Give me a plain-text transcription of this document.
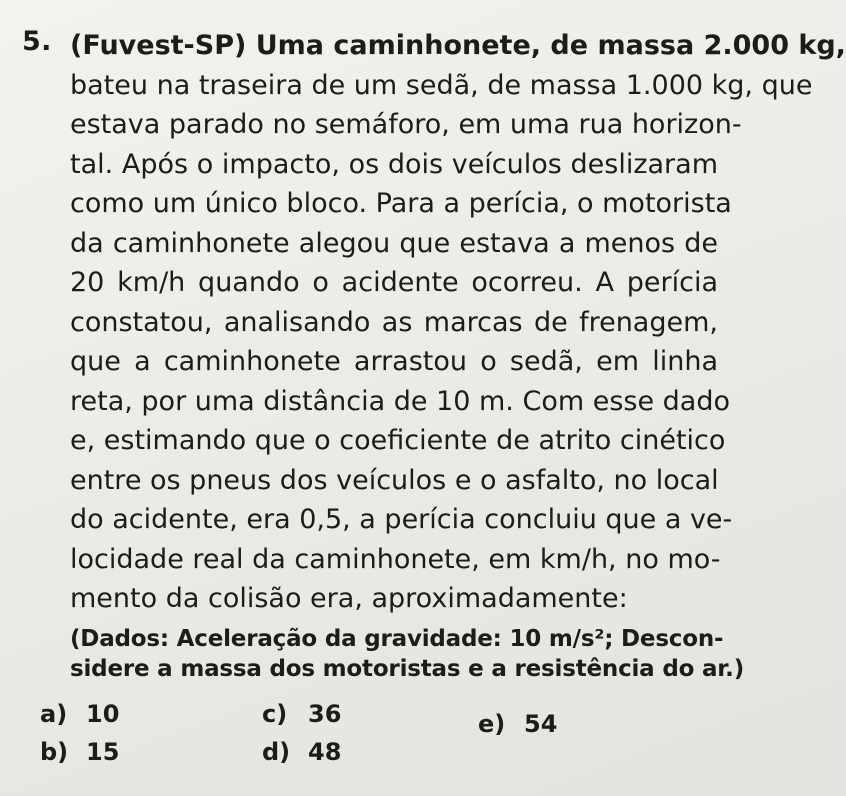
5. (Fuvest-SP) Uma caminhonete, de massa 2.000 kg,
bateu na traseira de um sedã, de massa 1.000 kg, que
estava parado no semáforo, em uma rua horizon-
tal. Após o impacto, os dois veículos deslizaram
como um único bloco. Para a perícia, o motorista
da caminhonete alegou que estava a menos de
20 km/h quando o acidente ocorreu. A perícia
constatou, analisando as marcas de frenagem,
que a caminhonete arrastou o sedã, em linha
reta, por uma distância de 10 m. Com esse dado
e, estimando que o coeficiente de atrito cinético
entre os pneus dos veículos e o asfalto, no local
do acidente, era 0,5, a perícia concluiu que a ve-
locidade real da caminhonete, em km/h, no mo-
mento da colisão era, aproximadamente:
(Dados: Aceleração da gravidade: 10 m/s²; Descon-
sidere a massa dos motoristas e a resistência do ar.)
a) 10
b) 15
c) 36
d) 48
e) 54
